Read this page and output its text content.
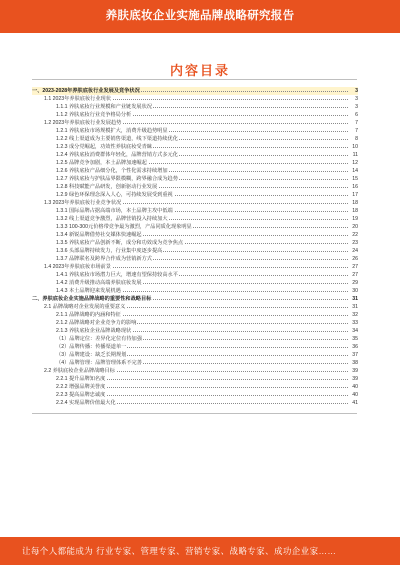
养肤底妆企业实施品牌战略研究报告
内容目录
一、2023-2028年养肤底妆行业发展及竞争状况	3
1.1 2023年养肤底妆行业现状	3
1.1.1 养肤底妆行业规模和产业链发展状况	3
1.1.2 养肤底妆行业竞争格局分析	6
1.2 2023年养肤底妆行业发展趋势	7
1.2.1 养肤底妆市场规模扩大，消费升级趋势明显	7
1.2.2 线上渠道成为主要销售渠道，线下渠道持续优化	8
1.2.3 成分党崛起，功效性养肤底妆受青睐	10
1.2.4 养肤底妆消费群体年轻化，品牌营销方式多元化	11
1.2.5 品牌竞争加剧，本土品牌加速崛起	12
1.2.6 养肤底妆产品细分化，个性化需求持续增加	14
1.2.7 养肤底妆与护肤品界限模糊，跨界融合成为趋势	15
1.2.8 科技赋能产品研发，创新驱动行业发展	16
1.2.9 绿色环保理念深入人心，可持续发展受到重视	17
1.3 2023年养肤底妆行业竞争状况	18
1.3.1 国际品牌占据高端市场，本土品牌主攻中低端	18
1.3.2 线上渠道竞争激烈，品牌营销投入持续加大	19
1.3.3 100-300元价格带竞争最为激烈，产品同质化现象明显	20
1.3.4 新锐品牌借势社交媒体快速崛起	22
1.3.5 养肤底妆产品创新不断，成分和功效成为竞争焦点	23
1.3.6 头部品牌持续发力，行业集中度逐步提高	24
1.3.7 品牌联名及跨界合作成为营销新方式	26
1.4 2023年养肤底妆市场前景	27
1.4.1 养肤底妆市场潜力巨大，增速有望保持较高水平	27
1.4.2 消费升级推动高端养肤底妆发展	29
1.4.3 本土品牌迎来发展机遇	30
二、养肤底妆企业实施品牌战略的重要性和战略目标	31
2.1 品牌战略对企业发展的重要意义	31
2.1.1 品牌战略的内涵和特征	32
2.1.2 品牌战略对企业竞争力的影响	33
2.1.3 养肤底妆企业品牌战略现状	34
（1）品牌定位：差异化定位有待加强	35
（2）品牌传播：传播渠道单一	36
（3）品牌建设：缺乏长期规划	37
（4）品牌管理：品牌管理体系不完善	38
2.2 养肤底妆企业品牌战略目标	39
2.2.1 提升品牌知名度	39
2.2.2 增强品牌美誉度	40
2.2.3 提高品牌忠诚度	40
2.2.4 实现品牌价值最大化	41
让每个人都能成为 行业专家、管理专家、营销专家、战略专家、成功企业家……
